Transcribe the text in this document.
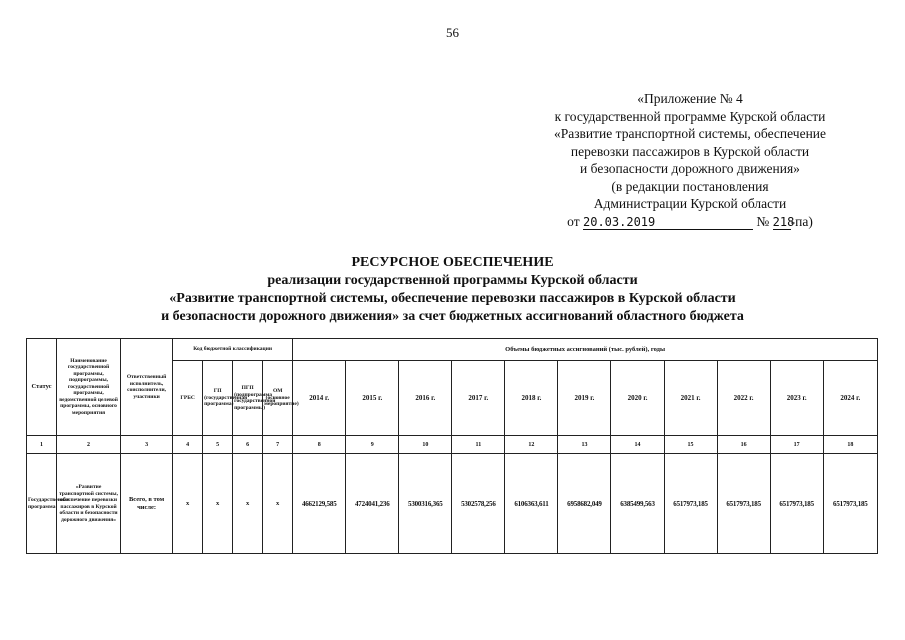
56
«Приложение № 4
к государственной программе Курской области
«Развитие транспортной системы, обеспечение
перевозки пассажиров в Курской области
и безопасности дорожного движения»
(в редакции постановления
Администрации Курской области
от 20.03.2019	№ 218-па)
РЕСУРСНОЕ ОБЕСПЕЧЕНИЕ
реализации государственной программы Курской области
«Развитие транспортной системы, обеспечение перевозки пассажиров в Курской области
и безопасности дорожного движения» за счет бюджетных ассигнований областного бюджета
Статус	Наименование государственной программы, подпрограммы, государственной программы, ведомственной целевой программы, основного мероприятия	Ответственный исполнитель, соисполнители, участники	Код бюджетной классификации				Объемы бюджетных ассигнований (тыс. рублей), годы										
			ГРБС	ГП (государственная программа)	ПГП (подпрограмма государственной программы)	ОМ (основное мероприятие)	2014 г.	2015 г.	2016 г.	2017 г.	2018 г.	2019 г.	2020 г.	2021 г.	2022 г.	2023 г.	2024 г.
1	2	3	4	5	6	7	8	9	10	11	12	13	14	15	16	17	18
Государственная программа	«Развитие транспортной системы, обеспечение перевозки пассажиров в Курской области и безопасности дорожного движения»	Всего, в том числе:	х	х	х	х	4662129,585	4724041,236	5300316,365	5302578,256	6106363,611	6958682,049	6385499,563	6517973,185	6517973,185	6517973,185	6517973,185
